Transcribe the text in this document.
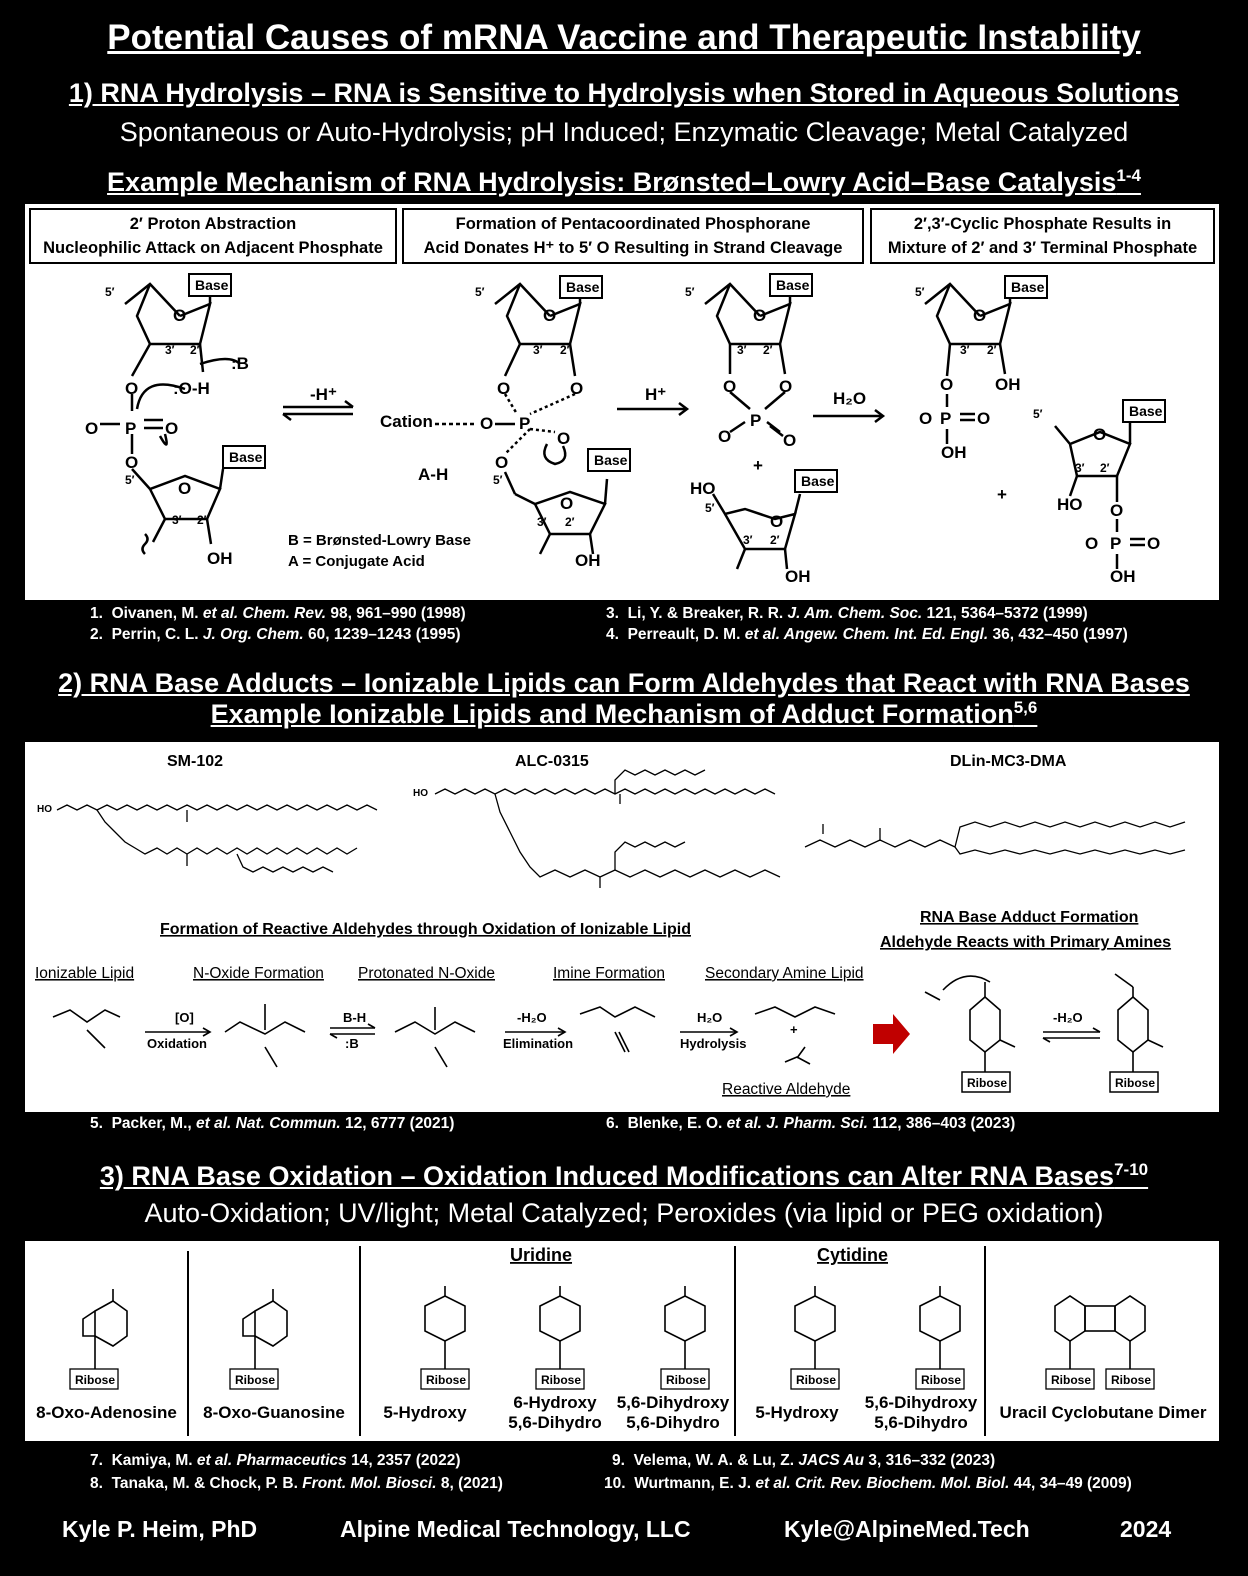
Potential Causes of mRNA Vaccine and Therapeutic Instability
1) RNA Hydrolysis – RNA is Sensitive to Hydrolysis when Stored in Aqueous Solutions
Spontaneous or Auto-Hydrolysis; pH Induced; Enzymatic Cleavage; Metal Catalyzed
Example Mechanism of RNA Hydrolysis: Brønsted–Lowry Acid–Base Catalysis$^{1-4}$
2′ Proton Abstraction
Nucleophilic Attack on Adjacent Phosphate
Formation of Pentacoordinated Phosphorane
Acid Donates H⁺ to 5′ O Resulting in Strand Cleavage
2′,3′-Cyclic Phosphate Results in
Mixture of 2′ and 3′ Terminal Phosphate
Base
Base
Base
Base
Base
Base
Base
Base
O
O
P O
O
O
O
:O-H
:B
OH
-H⁺
O
O	O
P
O
O
O
O
Cation
A-H
OH
H⁺
O
O	O
P
O	O
+
HO
O
OH
H₂O
O
O OH
P O
O
OH
+
O
HO O
P O
O
OH
5′
3′ 2′
5′
3′ 2′
5′
3′ 2′
5′
3′ 2′
5′
3′ 2′
5′
3′ 2′
5′
3′ 2′
5′
3′ 2′
B = Brønsted-Lowry Base
A = Conjugate Acid
1. Oivanen, M. et al. Chem. Rev. 98, 961–990 (1998)
2. Perrin, C. L. J. Org. Chem. 60, 1239–1243 (1995)
3. Li, Y. & Breaker, R. R. J. Am. Chem. Soc. 121, 5364–5372 (1999)
4. Perreault, D. M. et al. Angew. Chem. Int. Ed. Engl. 36, 432–450 (1997)
2) RNA Base Adducts – Ionizable Lipids can Form Aldehydes that React with RNA Bases
Example Ionizable Lipids and Mechanism of Adduct Formation$^{5,6}$
SM-102	ALC-0315	DLin-MC3-DMA
HO
HO
Formation of Reactive Aldehydes through Oxidation of Ionizable Lipid
RNA Base Adduct Formation
Aldehyde Reacts with Primary Amines
Ionizable Lipid	N-Oxide Formation Protonated N-Oxide	Imine Formation	Secondary Amine Lipid
Reactive Aldehyde
[O]
Oxidation
B-H
:B
-H₂O
Elimination
H₂O
Hydrolysis
-H₂O
+
Ribose	Ribose
5. Packer, M., et al. Nat. Commun. 12, 6777 (2021)	6. Blenke, E. O. et al. J. Pharm. Sci. 112, 386–403 (2023)
3) RNA Base Oxidation – Oxidation Induced Modifications can Alter RNA Bases$^{7-10}$
Auto-Oxidation; UV/light; Metal Catalyzed; Peroxides (via lipid or PEG oxidation)
Uridine	Cytidine
Ribose	Ribose	Ribose	Ribose	Ribose	Ribose	Ribose	Ribose Ribose
8-Oxo-Adenosine	8-Oxo-Guanosine	5-Hydroxy
6-Hydroxy
5,6-Dihydro
5,6-Dihydroxy
5,6-Dihydro
5-Hydroxy
5,6-Dihydroxy
5,6-Dihydro
Uracil Cyclobutane Dimer
7. Kamiya, M. et al. Pharmaceutics 14, 2357 (2022)
8. Tanaka, M. & Chock, P. B. Front. Mol. Biosci. 8, (2021)
9. Velema, W. A. & Lu, Z. JACS Au 3, 316–332 (2023)
10. Wurtmann, E. J. et al. Crit. Rev. Biochem. Mol. Biol. 44, 34–49 (2009)
Kyle P. Heim, PhD	Alpine Medical Technology, LLC	Kyle@AlpineMed.Tech	2024
